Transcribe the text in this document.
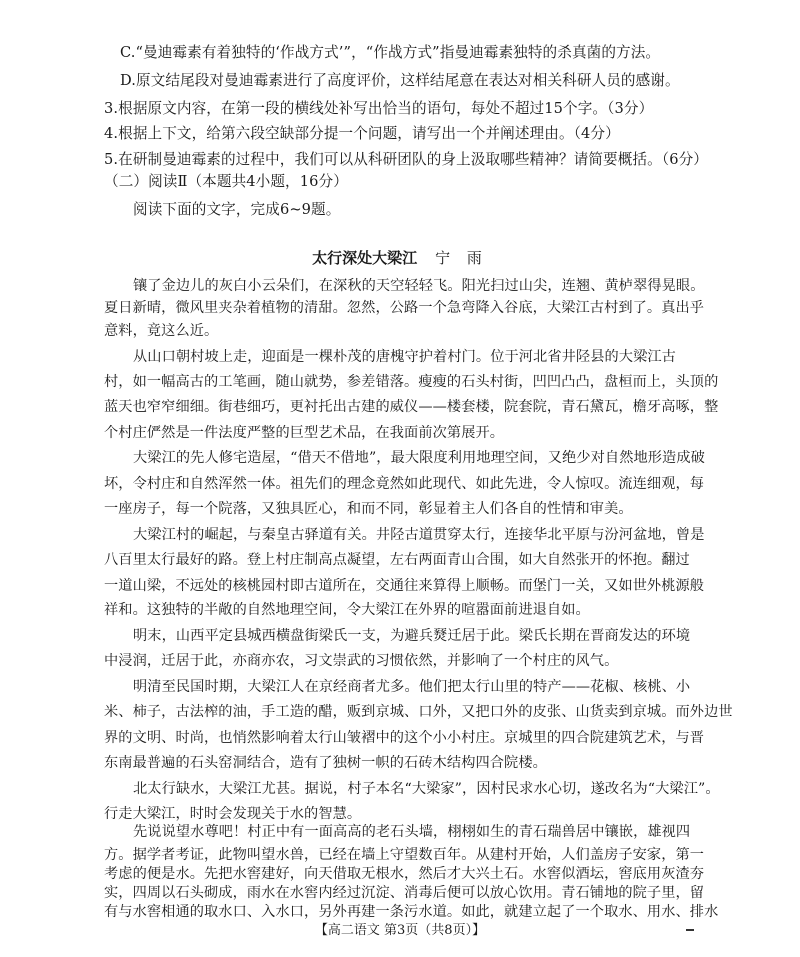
C.“曼迪霉素有着独特的‘作战方式’”，“作战方式”指曼迪霉素独特的杀真菌的方法。
D.原文结尾段对曼迪霉素进行了高度评价，这样结尾意在表达对相关科研人员的感谢。
3.根据原文内容，在第一段的横线处补写出恰当的语句，每处不超过15个字。（3分）
4.根据上下文，给第六段空缺部分提一个问题，请写出一个并阐述理由。（4分）
5.在研制曼迪霉素的过程中，我们可以从科研团队的身上汲取哪些精神？请简要概括。（6分）
（二）阅读Ⅱ（本题共4小题，16分）
阅读下面的文字，完成6~9题。
太行深处大梁江 宁 雨
镶了金边儿的灰白小云朵们，在深秋的天空轻轻飞。阳光扫过山尖，连翘、黄栌翠得晃眼。
夏日新晴，微风里夹杂着植物的清甜。忽然，公路一个急弯降入谷底，大梁江古村到了。真出乎
意料，竟这么近。
从山口朝村坡上走，迎面是一棵朴茂的唐槐守护着村门。位于河北省井陉县的大梁江古
村，如一幅高古的工笔画，随山就势，参差错落。瘦瘦的石头村街，凹凹凸凸，盘桓而上，头顶的
蓝天也窄窄细细。街巷细巧，更衬托出古建的威仪——楼套楼，院套院，青石黛瓦，檐牙高啄，整
个村庄俨然是一件法度严整的巨型艺术品，在我面前次第展开。
大梁江的先人修宅造屋，“借天不借地”，最大限度利用地理空间，又绝少对自然地形造成破
坏，令村庄和自然浑然一体。祖先们的理念竟然如此现代、如此先进，令人惊叹。流连细观，每
一座房子，每一个院落，又独具匠心，和而不同，彰显着主人们各自的性情和审美。
大梁江村的崛起，与秦皇古驿道有关。井陉古道贯穿太行，连接华北平原与汾河盆地，曾是
八百里太行最好的路。登上村庄制高点凝望，左右两面青山合围，如大自然张开的怀抱。翻过
一道山梁，不远处的核桃园村即古道所在，交通往来算得上顺畅。而堡门一关，又如世外桃源般
祥和。这独特的半敞的自然地理空间，令大梁江在外界的喧嚣面前进退自如。
明末，山西平定县城西横盘街梁氏一支，为避兵燹迁居于此。梁氏长期在晋商发达的环境
中浸润，迁居于此，亦商亦农，习文崇武的习惯依然，并影响了一个村庄的风气。
明清至民国时期，大梁江人在京经商者尤多。他们把太行山里的特产——花椒、核桃、小
米、柿子，古法榨的油，手工造的醋，贩到京城、口外，又把口外的皮张、山货卖到京城。而外边世
界的文明、时尚，也悄然影响着太行山皱褶中的这个小小村庄。京城里的四合院建筑艺术，与晋
东南最普遍的石头窑洞结合，造有了独树一帜的石砖木结构四合院楼。
北太行缺水，大梁江尤甚。据说，村子本名“大梁家”，因村民求水心切，遂改名为“大梁江”。
行走大梁江，时时会发现关于水的智慧。
先说说望水尊吧！村正中有一面高高的老石头墙，栩栩如生的青石瑞兽居中镶嵌，雄视四
方。据学者考证，此物叫望水兽，已经在墙上守望数百年。从建村开始，人们盖房子安家，第一
考虑的便是水。先把水窖建好，向天借取无根水，然后才大兴土石。水窖似酒坛，窖底用灰渣夯
实，四周以石头砌成，雨水在水窖内经过沉淀、消毒后便可以放心饮用。青石铺地的院子里，留
有与水窖相通的取水口、入水口，另外再建一条污水道。如此，就建立起了一个取水、用水、排水
【高二语文 第3页（共8页）】
